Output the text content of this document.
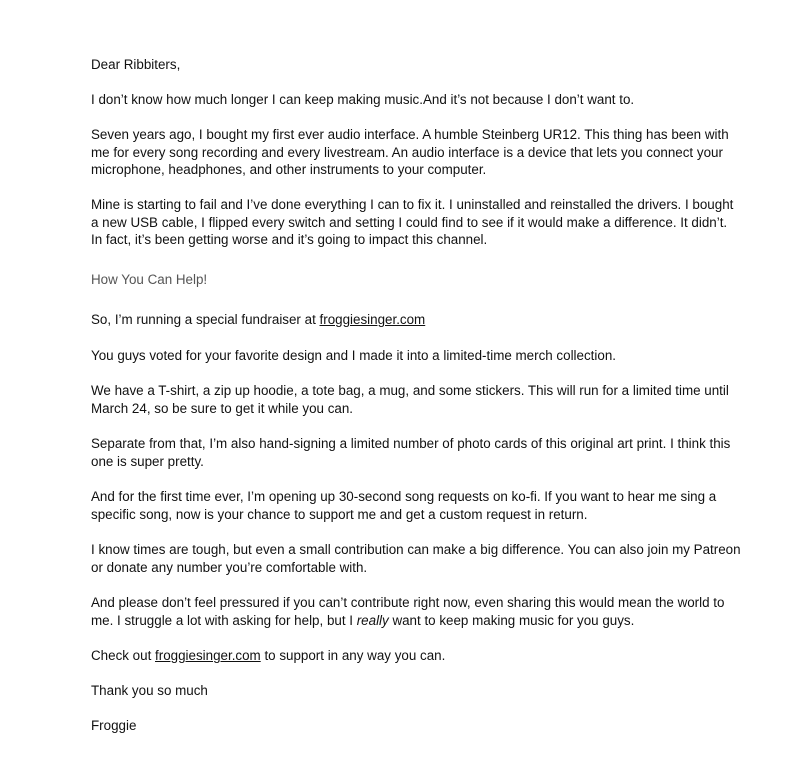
Dear Ribbiters,

I don’t know how much longer I can keep making music.And it’s not because I don’t want to.

Seven years ago, I bought my first ever audio interface. A humble Steinberg UR12. This thing has been with me for every song recording and every livestream. An audio interface is a device that lets you connect your microphone, headphones, and other instruments to your computer.

Mine is starting to fail and I’ve done everything I can to fix it. I uninstalled and reinstalled the drivers. I bought a new USB cable, I flipped every switch and setting I could find to see if it would make a difference. It didn’t. In fact, it’s been getting worse and it’s going to impact this channel.

How You Can Help!

So, I’m running a special fundraiser at froggiesinger.com

You guys voted for your favorite design and I made it into a limited-time merch collection.

We have a T-shirt, a zip up hoodie, a tote bag, a mug, and some stickers. This will run for a limited time until March 24, so be sure to get it while you can.

Separate from that, I’m also hand-signing a limited number of photo cards of this original art print. I think this one is super pretty.

And for the first time ever, I’m opening up 30-second song requests on ko-fi. If you want to hear me sing a specific song, now is your chance to support me and get a custom request in return.

I know times are tough, but even a small contribution can make a big difference. You can also join my Patreon or donate any number you’re comfortable with.

And please don’t feel pressured if you can’t contribute right now, even sharing this would mean the world to me. I struggle a lot with asking for help, but I really want to keep making music for you guys.

Check out froggiesinger.com to support in any way you can.

Thank you so much

Froggie
